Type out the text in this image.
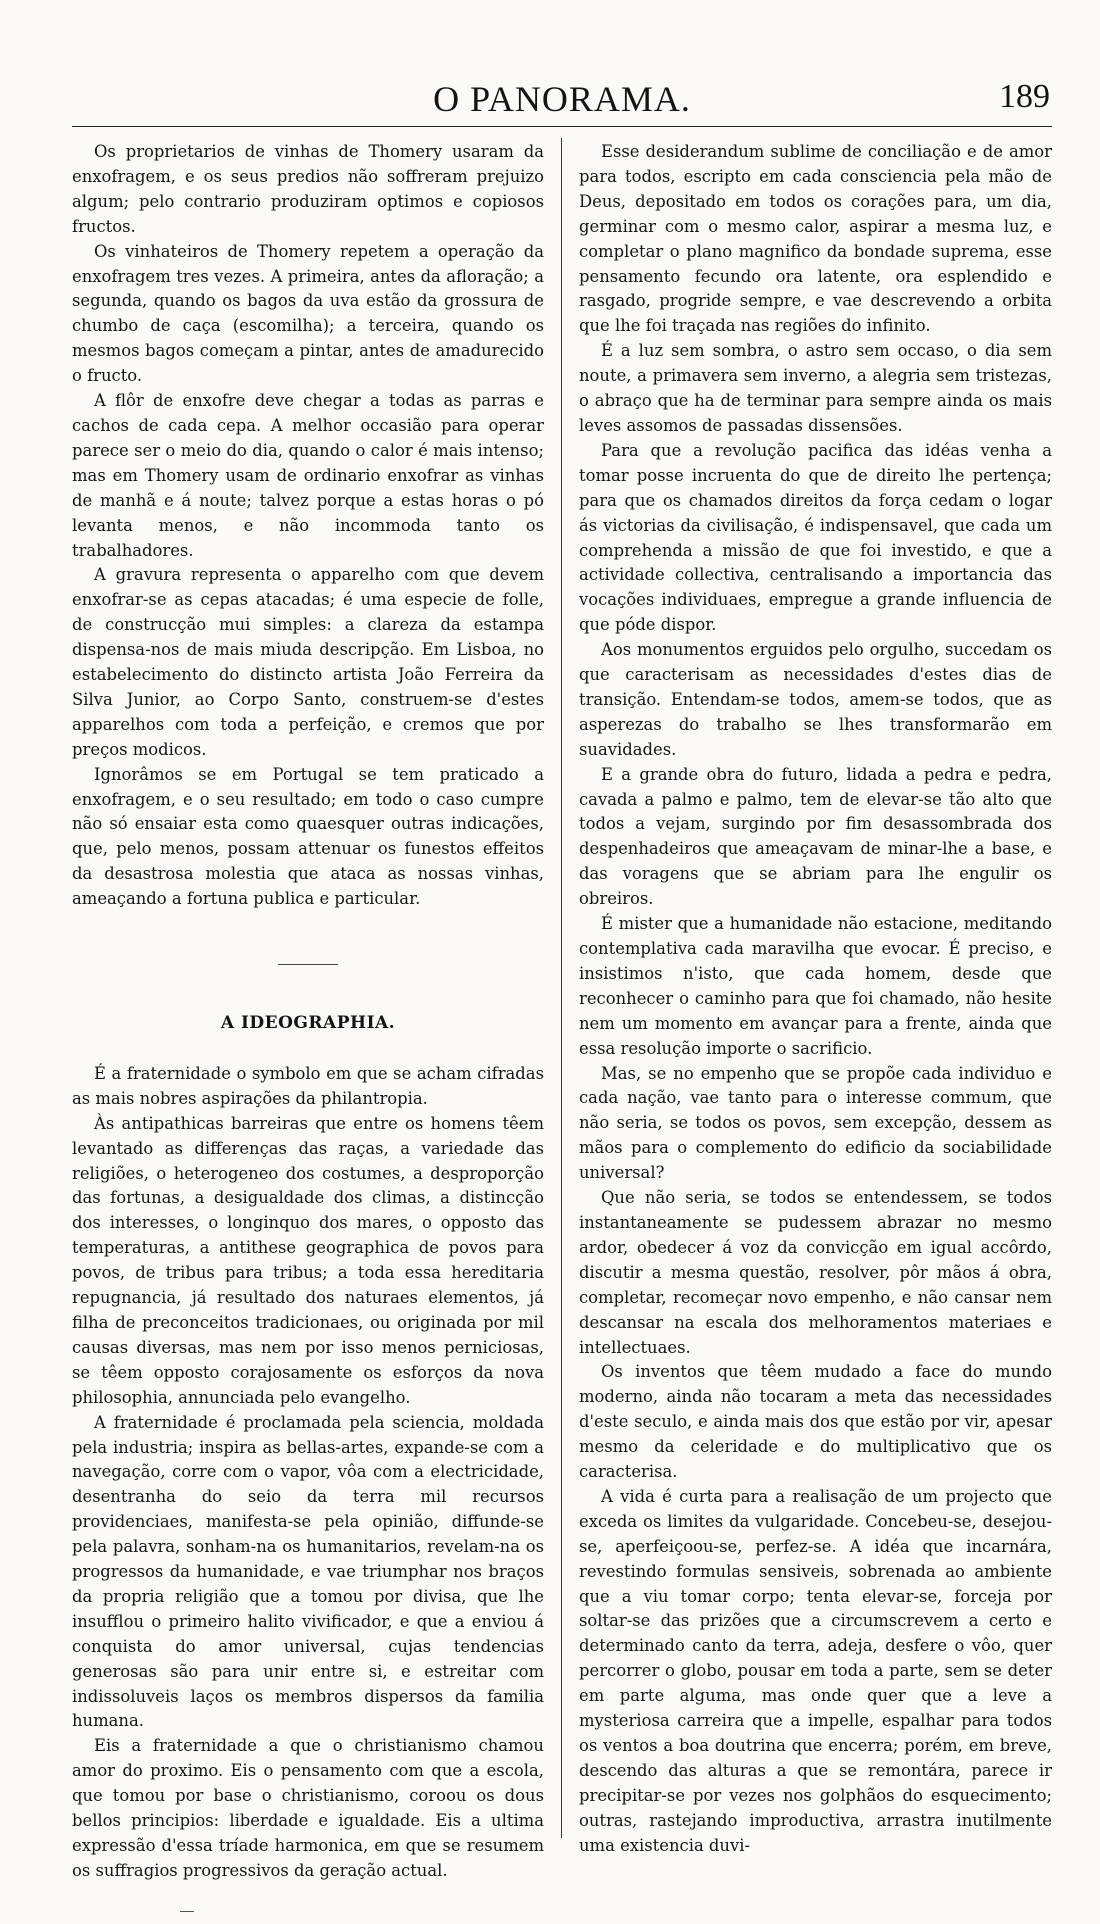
O PANORAMA.	189

Os proprietarios de vinhas de Thomery usaram da enxofragem, e os seus predios não soffreram prejuizo algum; pelo contrario produziram optimos e copiosos fructos.

Os vinhateiros de Thomery repetem a operação da enxofragem tres vezes. A primeira, antes da afloração; a segunda, quando os bagos da uva estão da grossura de chumbo de caça (escomilha); a terceira, quando os mesmos bagos começam a pintar, antes de amadurecido o fructo.

A flôr de enxofre deve chegar a todas as parras e cachos de cada cepa. A melhor occasião para operar parece ser o meio do dia, quando o calor é mais intenso; mas em Thomery usam de ordinario enxofrar as vinhas de manhã e á noute; talvez porque a estas horas o pó levanta menos, e não incommoda tanto os trabalhadores.

A gravura representa o apparelho com que devem enxofrar-se as cepas atacadas; é uma especie de folle, de construcção mui simples: a clareza da estampa dispensa-nos de mais miuda descripção. Em Lisboa, no estabelecimento do distincto artista João Ferreira da Silva Junior, ao Corpo Santo, construem-se d'estes apparelhos com toda a perfeição, e cremos que por preços modicos.

Ignorâmos se em Portugal se tem praticado a enxofragem, e o seu resultado; em todo o caso cumpre não só ensaiar esta como quaesquer outras indicações, que, pelo menos, possam attenuar os funestos effeitos da desastrosa molestia que ataca as nossas vinhas, ameaçando a fortuna publica e particular.

A IDEOGRAPHIA.

É a fraternidade o symbolo em que se acham cifradas as mais nobres aspirações da philantropia.

Às antipathicas barreiras que entre os homens têem levantado as differenças das raças, a variedade das religiões, o heterogeneo dos costumes, a desproporção das fortunas, a desigualdade dos climas, a distincção dos interesses, o longinquo dos mares, o opposto das temperaturas, a antithese geographica de povos para povos, de tribus para tribus; a toda essa hereditaria repugnancia, já resultado dos naturaes elementos, já filha de preconceitos tradicionaes, ou originada por mil causas diversas, mas nem por isso menos perniciosas, se têem opposto corajosamente os esforços da nova philosophia, annunciada pelo evangelho.

A fraternidade é proclamada pela sciencia, moldada pela industria; inspira as bellas-artes, expande-se com a navegação, corre com o vapor, vôa com a electricidade, desentranha do seio da terra mil recursos providenciaes, manifesta-se pela opinião, diffunde-se pela palavra, sonham-na os humanitarios, revelam-na os progressos da humanidade, e vae triumphar nos braços da propria religião que a tomou por divisa, que lhe insufflou o primeiro halito vivificador, e que a enviou á conquista do amor universal, cujas tendencias generosas são para unir entre si, e estreitar com indissoluveis laços os membros dispersos da familia humana.

Eis a fraternidade a que o christianismo chamou amor do proximo. Eis o pensamento com que a escola, que tomou por base o christianismo, coroou os dous bellos principios: liberdade e igualdade. Eis a ultima expressão d'essa tríade harmonica, em que se resumem os suffragios progressivos da geração actual.

Esse desiderandum sublime de conciliação e de amor para todos, escripto em cada consciencia pela mão de Deus, depositado em todos os corações para, um dia, germinar com o mesmo calor, aspirar a mesma luz, e completar o plano magnifico da bondade suprema, esse pensamento fecundo ora latente, ora esplendido e rasgado, progride sempre, e vae descrevendo a orbita que lhe foi traçada nas regiões do infinito.

É a luz sem sombra, o astro sem occaso, o dia sem noute, a primavera sem inverno, a alegria sem tristezas, o abraço que ha de terminar para sempre ainda os mais leves assomos de passadas dissensões.

Para que a revolução pacifica das idéas venha a tomar posse incruenta do que de direito lhe pertença; para que os chamados direitos da força cedam o logar ás victorias da civilisação, é indispensavel, que cada um comprehenda a missão de que foi investido, e que a actividade collectiva, centralisando a importancia das vocações individuaes, empregue a grande influencia de que póde dispor.

Aos monumentos erguidos pelo orgulho, succedam os que caracterisam as necessidades d'estes dias de transição. Entendam-se todos, amem-se todos, que as asperezas do trabalho se lhes transformarão em suavidades.

E a grande obra do futuro, lidada a pedra e pedra, cavada a palmo e palmo, tem de elevar-se tão alto que todos a vejam, surgindo por fim desassombrada dos despenhadeiros que ameaçavam de minar-lhe a base, e das voragens que se abriam para lhe engulir os obreiros.

É mister que a humanidade não estacione, meditando contemplativa cada maravilha que evocar. É preciso, e insistimos n'isto, que cada homem, desde que reconhecer o caminho para que foi chamado, não hesite nem um momento em avançar para a frente, ainda que essa resolução importe o sacrificio.

Mas, se no empenho que se propõe cada individuo e cada nação, vae tanto para o interesse commum, que não seria, se todos os povos, sem excepção, dessem as mãos para o complemento do edificio da sociabilidade universal?

Que não seria, se todos se entendessem, se todos instantaneamente se pudessem abrazar no mesmo ardor, obedecer á voz da convicção em igual accôrdo, discutir a mesma questão, resolver, pôr mãos á obra, completar, recomeçar novo empenho, e não cansar nem descansar na escala dos melhoramentos materiaes e intellectuaes.

Os inventos que têem mudado a face do mundo moderno, ainda não tocaram a meta das necessidades d'este seculo, e ainda mais dos que estão por vir, apesar mesmo da celeridade e do multiplicativo que os caracterisa.

A vida é curta para a realisação de um projecto que exceda os limites da vulgaridade. Concebeu-se, desejou-se, aperfeiçoou-se, perfez-se. A idéa que incarnára, revestindo formulas sensiveis, sobrenada ao ambiente que a viu tomar corpo; tenta elevar-se, forceja por soltar-se das prizões que a circumscrevem a certo e determinado canto da terra, adeja, desfere o vôo, quer percorrer o globo, pousar em toda a parte, sem se deter em parte alguma, mas onde quer que a leve a mysteriosa carreira que a impelle, espalhar para todos os ventos a boa doutrina que encerra; porém, em breve, descendo das alturas a que se remontára, parece ir precipitar-se por vezes nos golphãos do esquecimento; outras, rastejando improductiva, arrastra inutilmente uma existencia duvi-
